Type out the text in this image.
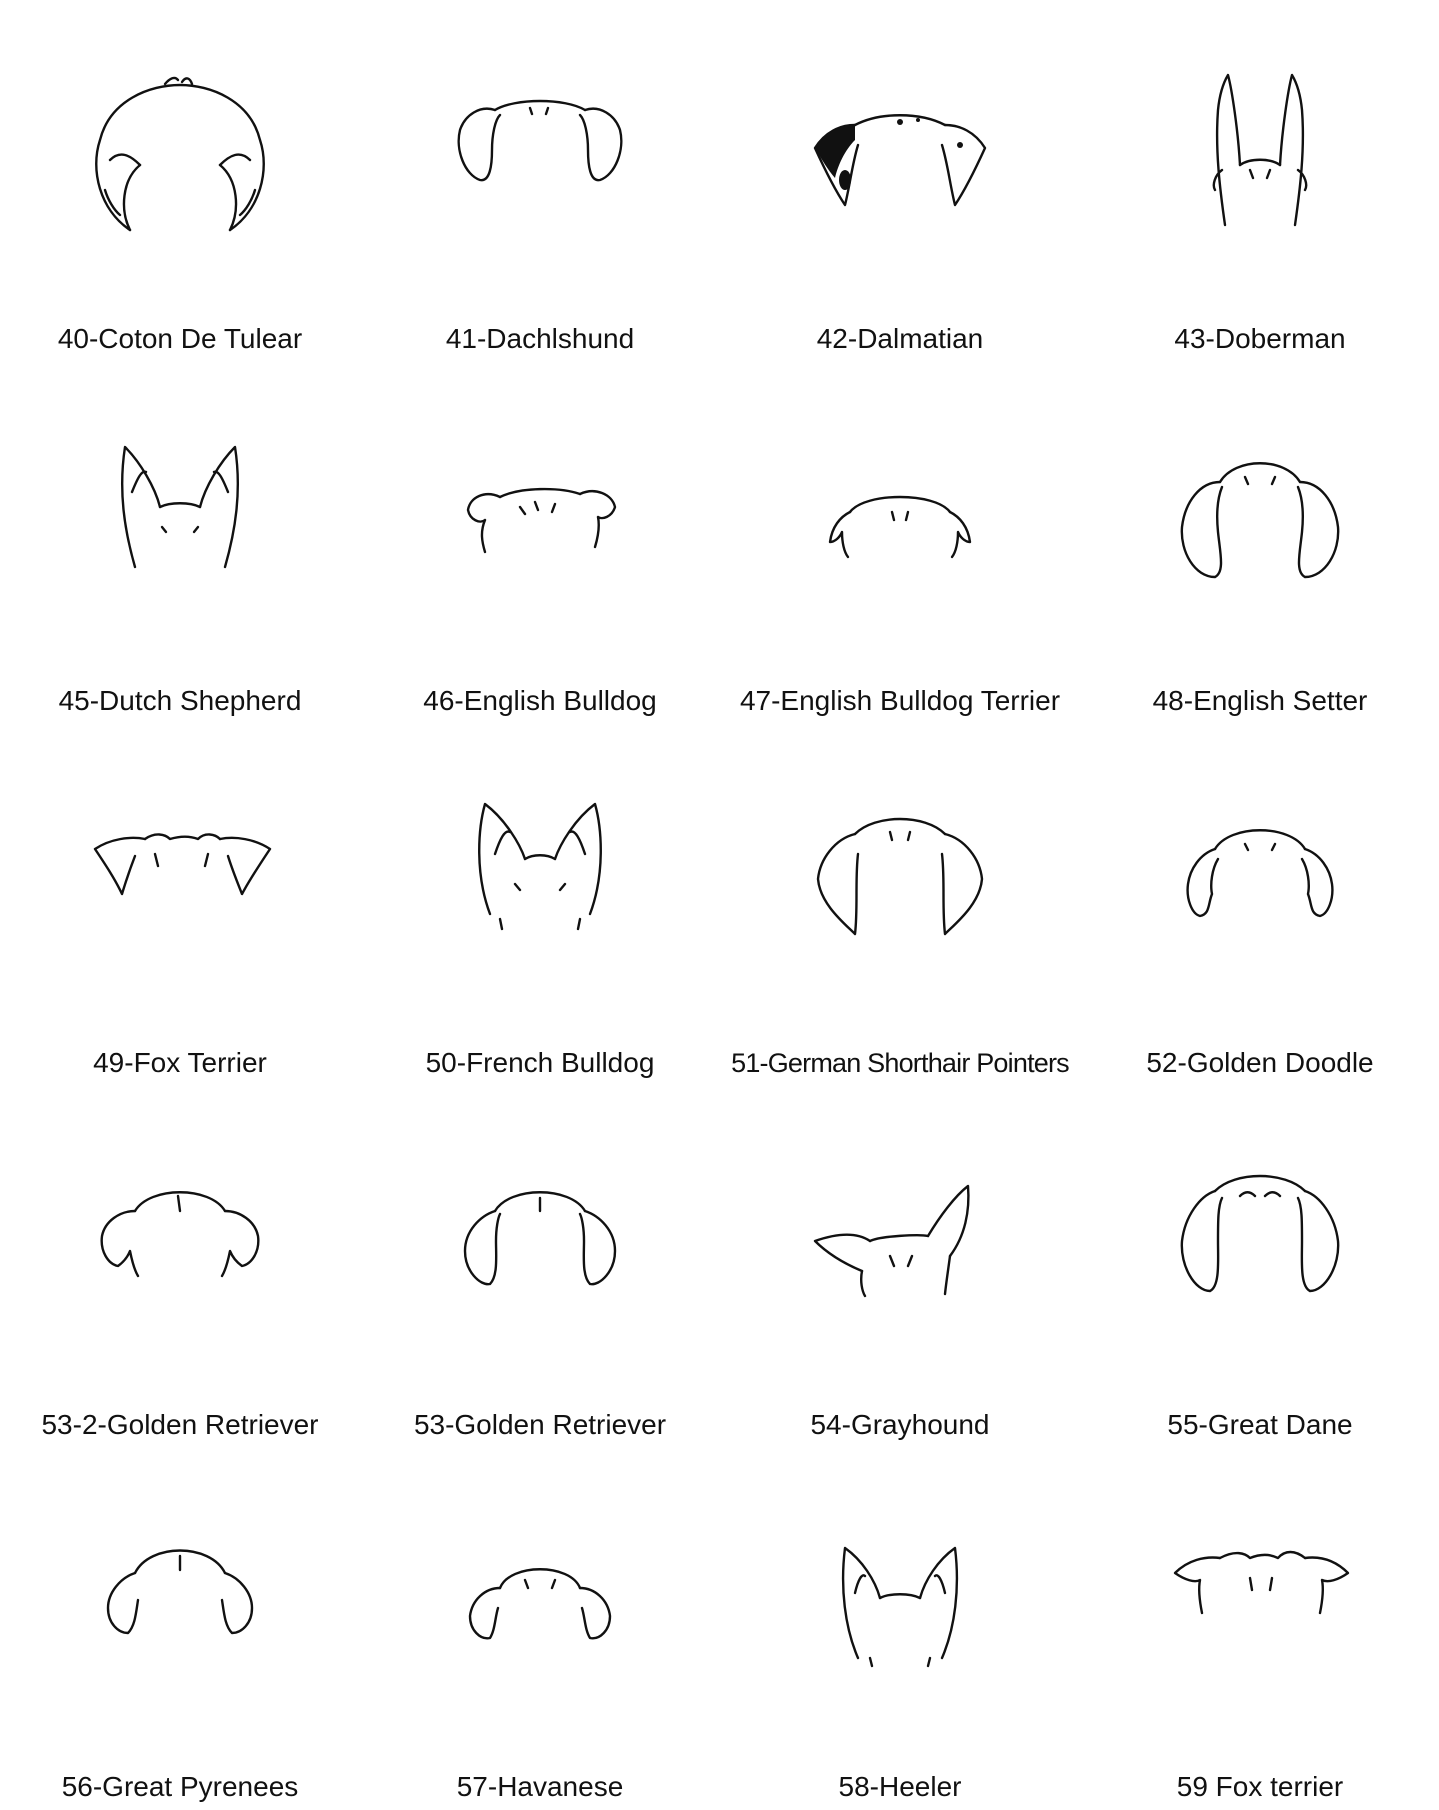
40-Coton De Tulear	41-Dachlshund	42-Dalmatian	43-Doberman
45-Dutch Shepherd	46-English Bulldog	47-English Bulldog Terrier	48-English Setter
49-Fox Terrier	50-French Bulldog	51-German Shorthair Pointers	52-Golden Doodle
53-2-Golden Retriever	53-Golden Retriever	54-Grayhound	55-Great Dane
56-Great Pyrenees	57-Havanese	58-Heeler	59 Fox terrier
